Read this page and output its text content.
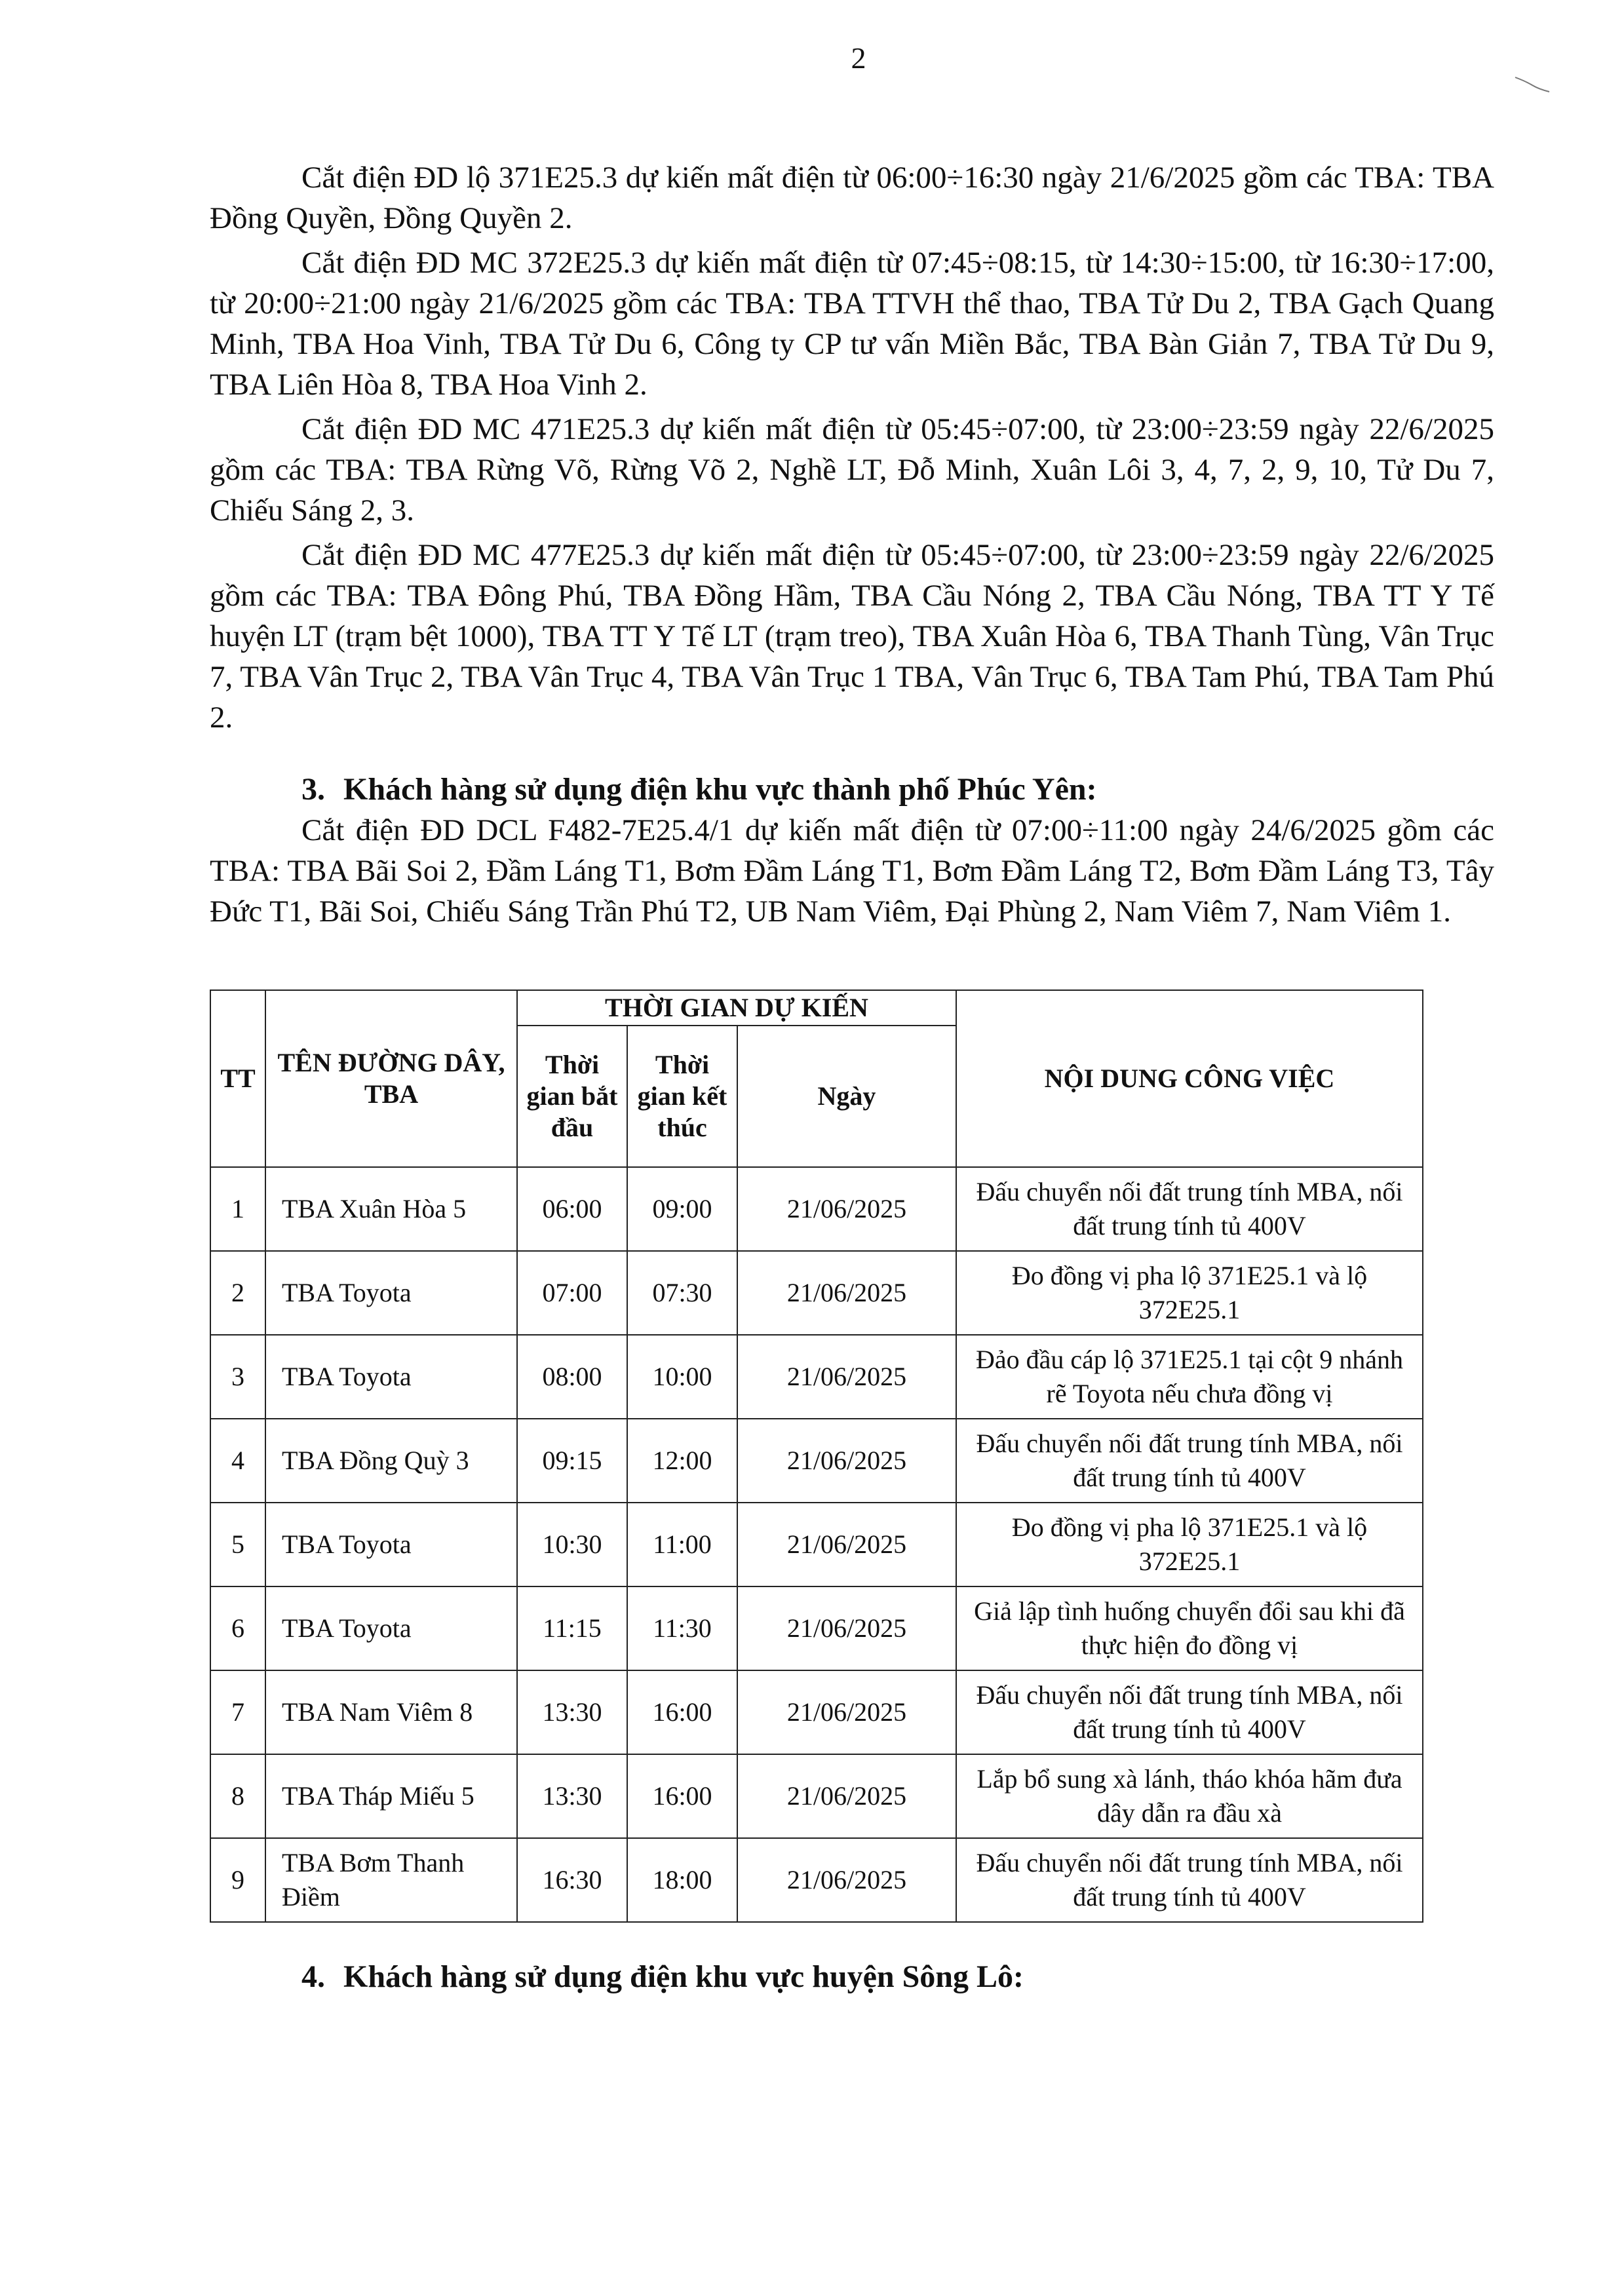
2

Cắt điện ĐD lộ 371E25.3 dự kiến mất điện từ 06:00÷16:30 ngày 21/6/2025 gồm các TBA: TBA Đồng Quyền, Đồng Quyền 2.

Cắt điện ĐD MC 372E25.3 dự kiến mất điện từ 07:45÷08:15, từ 14:30÷15:00, từ 16:30÷17:00, từ 20:00÷21:00 ngày 21/6/2025 gồm các TBA: TBA TTVH thể thao, TBA Tử Du 2, TBA Gạch Quang Minh, TBA Hoa Vinh, TBA Tử Du 6, Công ty CP tư vấn Miền Bắc, TBA Bàn Giản 7, TBA Tử Du 9, TBA Liên Hòa 8, TBA Hoa Vinh 2.

Cắt điện ĐD MC 471E25.3 dự kiến mất điện từ 05:45÷07:00, từ 23:00÷23:59 ngày 22/6/2025 gồm các TBA: TBA Rừng Võ, Rừng Võ 2, Nghề LT, Đỗ Minh, Xuân Lôi 3, 4, 7, 2, 9, 10, Tử Du 7, Chiếu Sáng 2, 3.

Cắt điện ĐD MC 477E25.3 dự kiến mất điện từ 05:45÷07:00, từ 23:00÷23:59 ngày 22/6/2025 gồm các TBA: TBA Đông Phú, TBA Đồng Hầm, TBA Cầu Nóng 2, TBA Cầu Nóng, TBA TT Y Tế huyện LT (trạm bệt 1000), TBA TT Y Tế LT (trạm treo), TBA Xuân Hòa 6, TBA Thanh Tùng, Vân Trục 7, TBA Vân Trục 2, TBA Vân Trục 4, TBA Vân Trục 1 TBA, Vân Trục 6, TBA Tam Phú, TBA Tam Phú 2.

3. Khách hàng sử dụng điện khu vực thành phố Phúc Yên:

Cắt điện ĐD DCL F482-7E25.4/1 dự kiến mất điện từ 07:00÷11:00 ngày 24/6/2025 gồm các TBA: TBA Bãi Soi 2, Đầm Láng T1, Bơm Đầm Láng T1, Bơm Đầm Láng T2, Bơm Đầm Láng T3, Tây Đức T1, Bãi Soi, Chiếu Sáng Trần Phú T2, UB Nam Viêm, Đại Phùng 2, Nam Viêm 7, Nam Viêm 1.

TT	TÊN ĐƯỜNG DÂY, TBA	THỜI GIAN DỰ KIẾN			NỘI DUNG CÔNG VIỆC
		Thời gian bắt đầu	Thời gian kết thúc	Ngày	
1	TBA Xuân Hòa 5	06:00	09:00	21/06/2025	Đấu chuyển nối đất trung tính MBA, nối đất trung tính tủ 400V
2	TBA Toyota	07:00	07:30	21/06/2025	Đo đồng vị pha lộ 371E25.1 và lộ 372E25.1
3	TBA Toyota	08:00	10:00	21/06/2025	Đảo đầu cáp lộ 371E25.1 tại cột 9 nhánh rẽ Toyota nếu chưa đồng vị
4	TBA Đồng Quỳ 3	09:15	12:00	21/06/2025	Đấu chuyển nối đất trung tính MBA, nối đất trung tính tủ 400V
5	TBA Toyota	10:30	11:00	21/06/2025	Đo đồng vị pha lộ 371E25.1 và lộ 372E25.1
6	TBA Toyota	11:15	11:30	21/06/2025	Giả lập tình huống chuyển đổi sau khi đã thực hiện đo đồng vị
7	TBA Nam Viêm 8	13:30	16:00	21/06/2025	Đấu chuyển nối đất trung tính MBA, nối đất trung tính tủ 400V
8	TBA Tháp Miếu 5	13:30	16:00	21/06/2025	Lắp bổ sung xà lánh, tháo khóa hãm đưa dây dẫn ra đầu xà
9	TBA Bơm Thanh Điềm	16:30	18:00	21/06/2025	Đấu chuyển nối đất trung tính MBA, nối đất trung tính tủ 400V
4. Khách hàng sử dụng điện khu vực huyện Sông Lô:
